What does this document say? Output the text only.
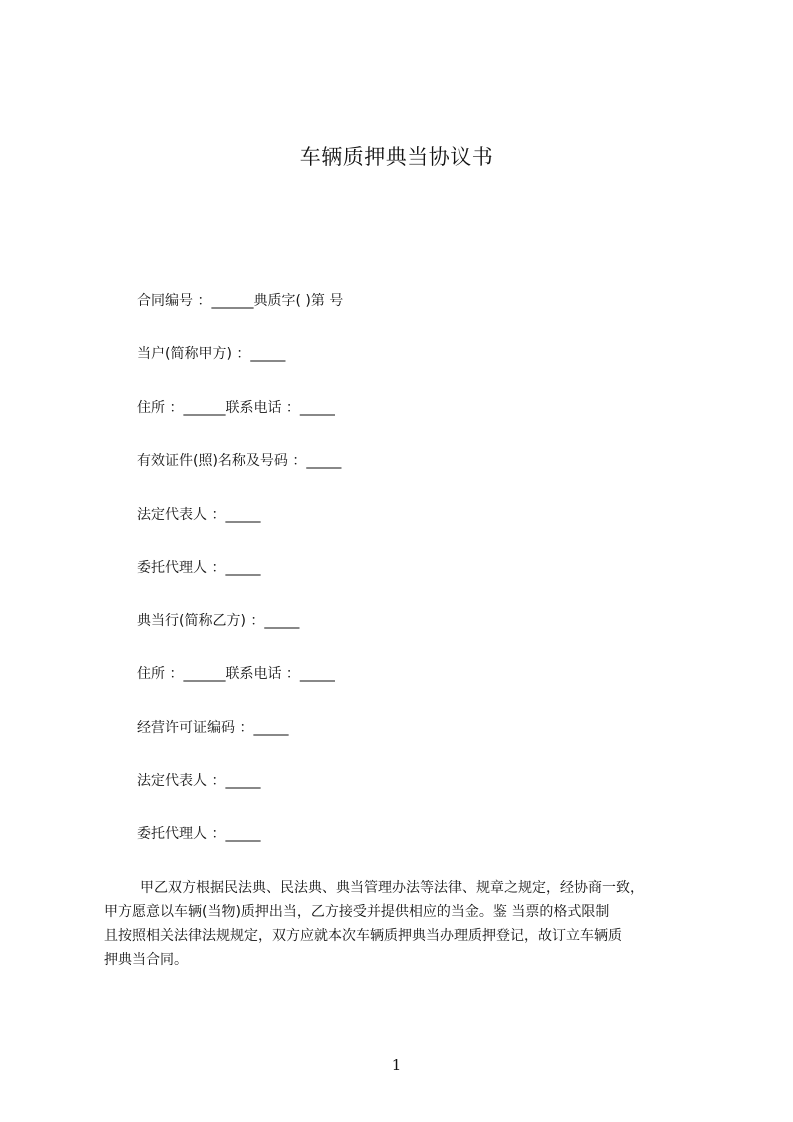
车辆质押典当协议书
合同编号 ：______典质字( )第 号
当户(简称甲方) ：_____
住所 ：______联系电话 ：_____
有效证件(照)名称及号码 ：_____
法定代表人 ：_____
委托代理人 ：_____
典当行(简称乙方) ：_____
住所 ：______联系电话 ：_____
经营许可证编码 ：_____
法定代表人 ：_____
委托代理人 ：_____
甲乙双方根据民法典、民法典、典当管理办法等法律、规章之规定，经协商一致，
甲方愿意以车辆(当物)质押出当，乙方接受并提供相应的当金。鉴 当票的格式限制
且按照相关法律法规规定，双方应就本次车辆质押典当办理质押登记，故订立车辆质
押典当合同。
1
